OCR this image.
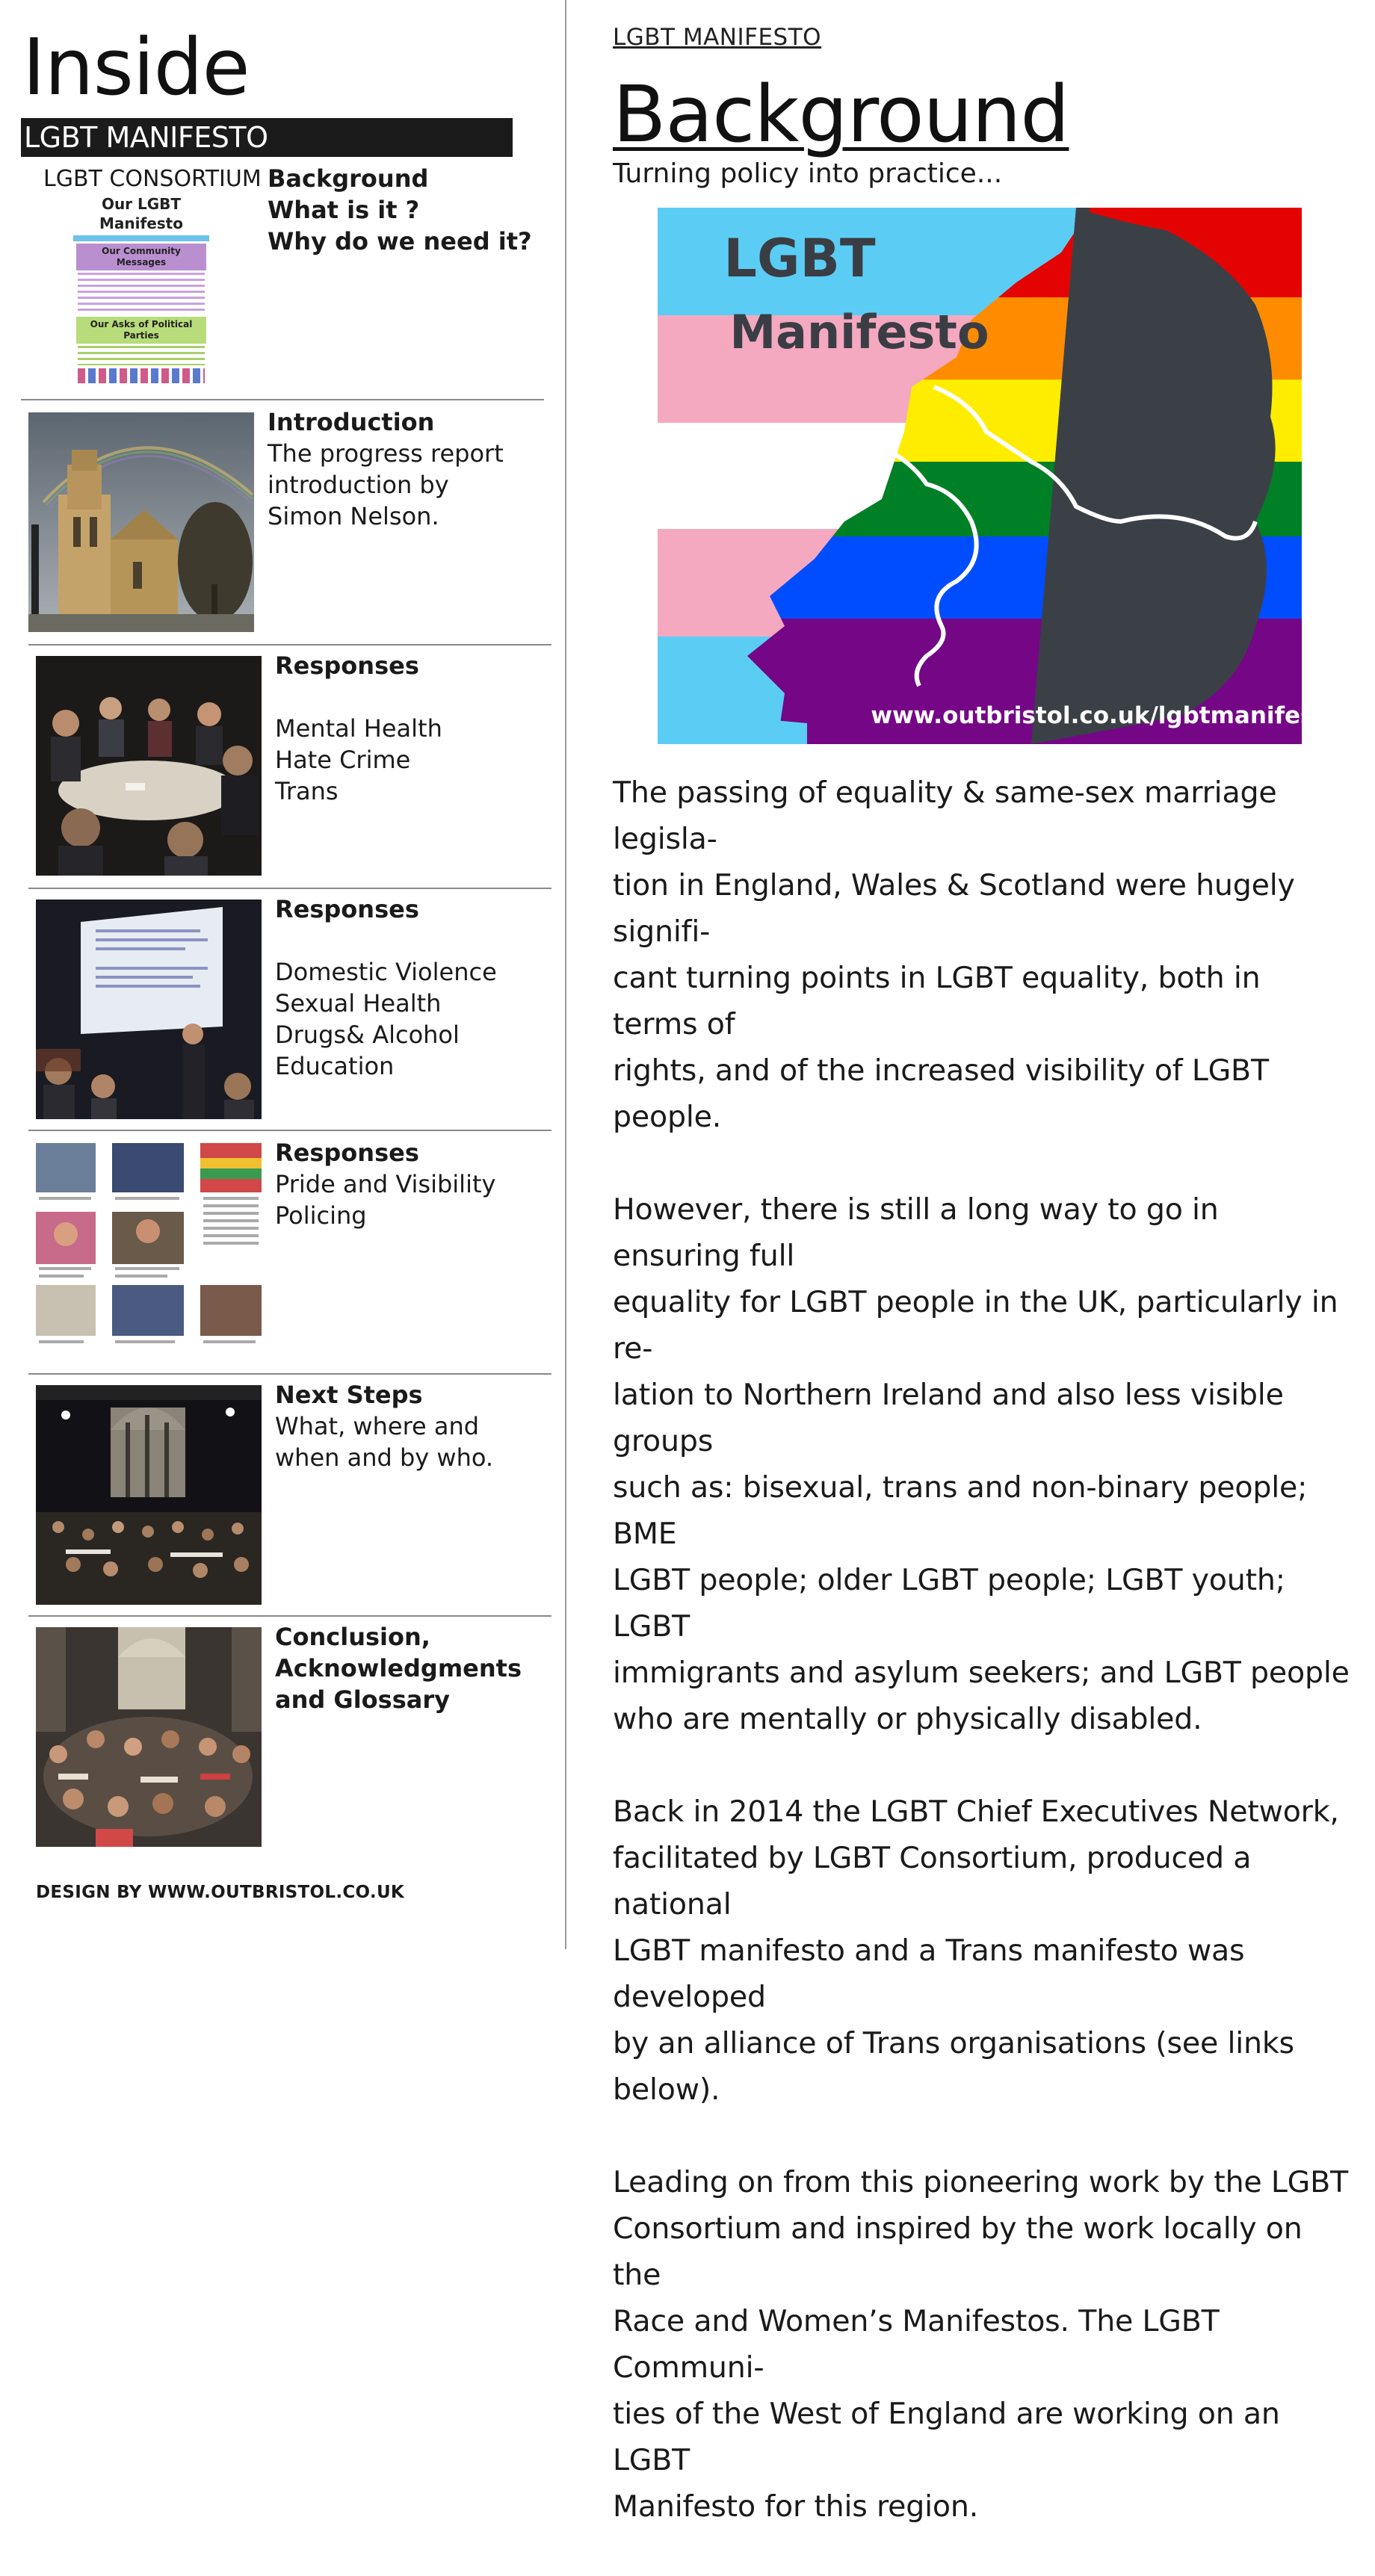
Inside
LGBT MANIFESTO
LGBT CONSORTIUM
Our LGBT Manifesto
Our Community Messages
Our Asks of Political Parties
Background
What is it ?
Why do we need it?
Introduction
The progress report
introduction by
Simon Nelson.
Responses
Mental Health
Hate Crime
Trans
Responses
Domestic Violence
Sexual Health
Drugs& Alcohol
Education
Responses
Pride and Visibility
Policing
Next Steps
What, where and
when and by who.
Conclusion,
Acknowledgments
and Glossary
DESIGN BY WWW.OUTBRISTOL.CO.UK
LGBT MANIFESTO
Background
Turning policy into practice...
LGBT
Manifesto
www.outbristol.co.uk/lgbtmanifesto

The passing of equality & same-sex marriage legisla-
tion in England, Wales & Scotland were hugely signifi-
cant turning points in LGBT equality, both in terms of
rights, and of the increased visibility of LGBT people.

However, there is still a long way to go in ensuring full
equality for LGBT people in the UK, particularly in re-
lation to Northern Ireland and also less visible groups
such as: bisexual, trans and non-binary people; BME
LGBT people; older LGBT people; LGBT youth; LGBT
immigrants and asylum seekers; and LGBT people
who are mentally or physically disabled.

Back in 2014 the LGBT Chief Executives Network,
facilitated by LGBT Consortium, produced a national
LGBT manifesto and a Trans manifesto was developed
by an alliance of Trans organisations (see links below).

Leading on from this pioneering work by the LGBT
Consortium and inspired by the work locally on the
Race and Women’s Manifestos. The LGBT Communi-
ties of the West of England are working on an LGBT
Manifesto for this region.
